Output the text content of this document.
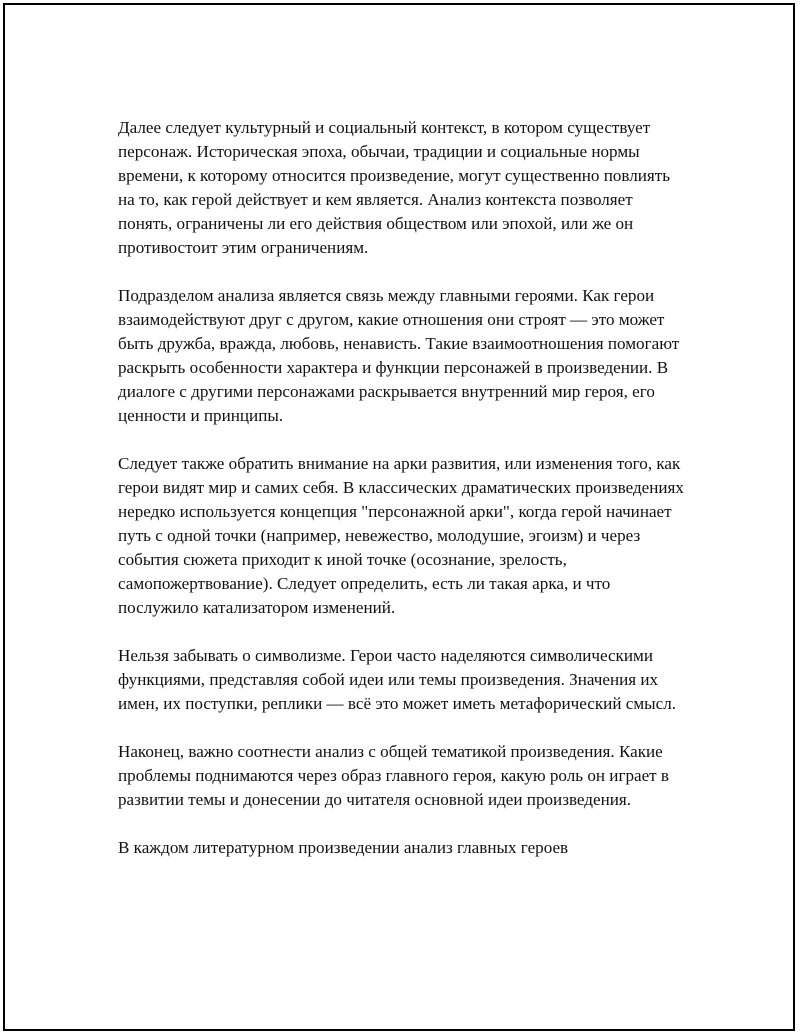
Далее следует культурный и социальный контекст, в котором существует персонаж. Историческая эпоха, обычаи, традиции и социальные нормы времени, к которому относится произведение, могут существенно повлиять на то, как герой действует и кем является. Анализ контекста позволяет понять, ограничены ли его действия обществом или эпохой, или же он противостоит этим ограничениям.

Подразделом анализа является связь между главными героями. Как герои взаимодействуют друг с другом, какие отношения они строят — это может быть дружба, вражда, любовь, ненависть. Такие взаимоотношения помогают раскрыть особенности характера и функции персонажей в произведении. В диалоге с другими персонажами раскрывается внутренний мир героя, его ценности и принципы.

Следует также обратить внимание на арки развития, или изменения того, как герои видят мир и самих себя. В классических драматических произведениях нередко используется концепция "персонажной арки", когда герой начинает путь с одной точки (например, невежество, молодушие, эгоизм) и через события сюжета приходит к иной точке (осознание, зрелость, самопожертвование). Следует определить, есть ли такая арка, и что послужило катализатором изменений.

Нельзя забывать о символизме. Герои часто наделяются символическими функциями, представляя собой идеи или темы произведения. Значения их имен, их поступки, реплики — всё это может иметь метафорический смысл.

Наконец, важно соотнести анализ с общей тематикой произведения. Какие проблемы поднимаются через образ главного героя, какую роль он играет в развитии темы и донесении до читателя основной идеи произведения.

В каждом литературном произведении анализ главных героев
